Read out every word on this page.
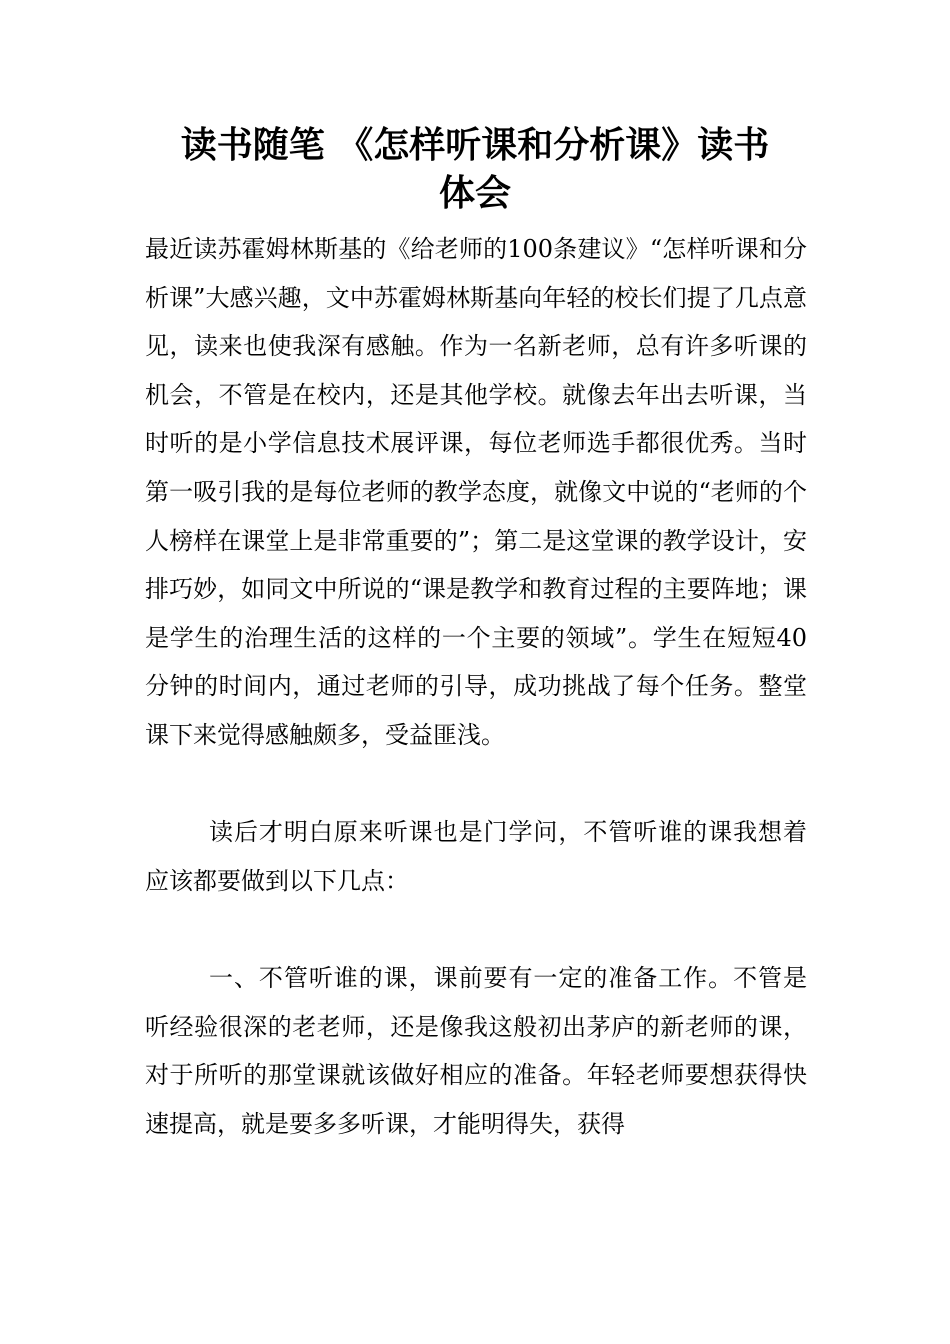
读书随笔 《怎样听课和分析课》读书
体会

最近读苏霍姆林斯基的《给老师的100条建议》“怎样听课和分析课”大感兴趣，文中苏霍姆林斯基向年轻的校长们提了几点意见，读来也使我深有感触。作为一名新老师，总有许多听课的机会，不管是在校内，还是其他学校。就像去年出去听课，当时听的是小学信息技术展评课，每位老师选手都很优秀。当时第一吸引我的是每位老师的教学态度，就像文中说的“老师的个人榜样在课堂上是非常重要的”；第二是这堂课的教学设计，安排巧妙，如同文中所说的“课是教学和教育过程的主要阵地；课是学生的治理生活的这样的一个主要的领域”。学生在短短40分钟的时间内，通过老师的引导，成功挑战了每个任务。整堂课下来觉得感触颇多，受益匪浅。

读后才明白原来听课也是门学问，不管听谁的课我想着应该都要做到以下几点：

一、不管听谁的课，课前要有一定的准备工作。不管是听经验很深的老老师，还是像我这般初出茅庐的新老师的课，对于所听的那堂课就该做好相应的准备。年轻老师要想获得快速提高，就是要多多听课，才能明得失，获得
